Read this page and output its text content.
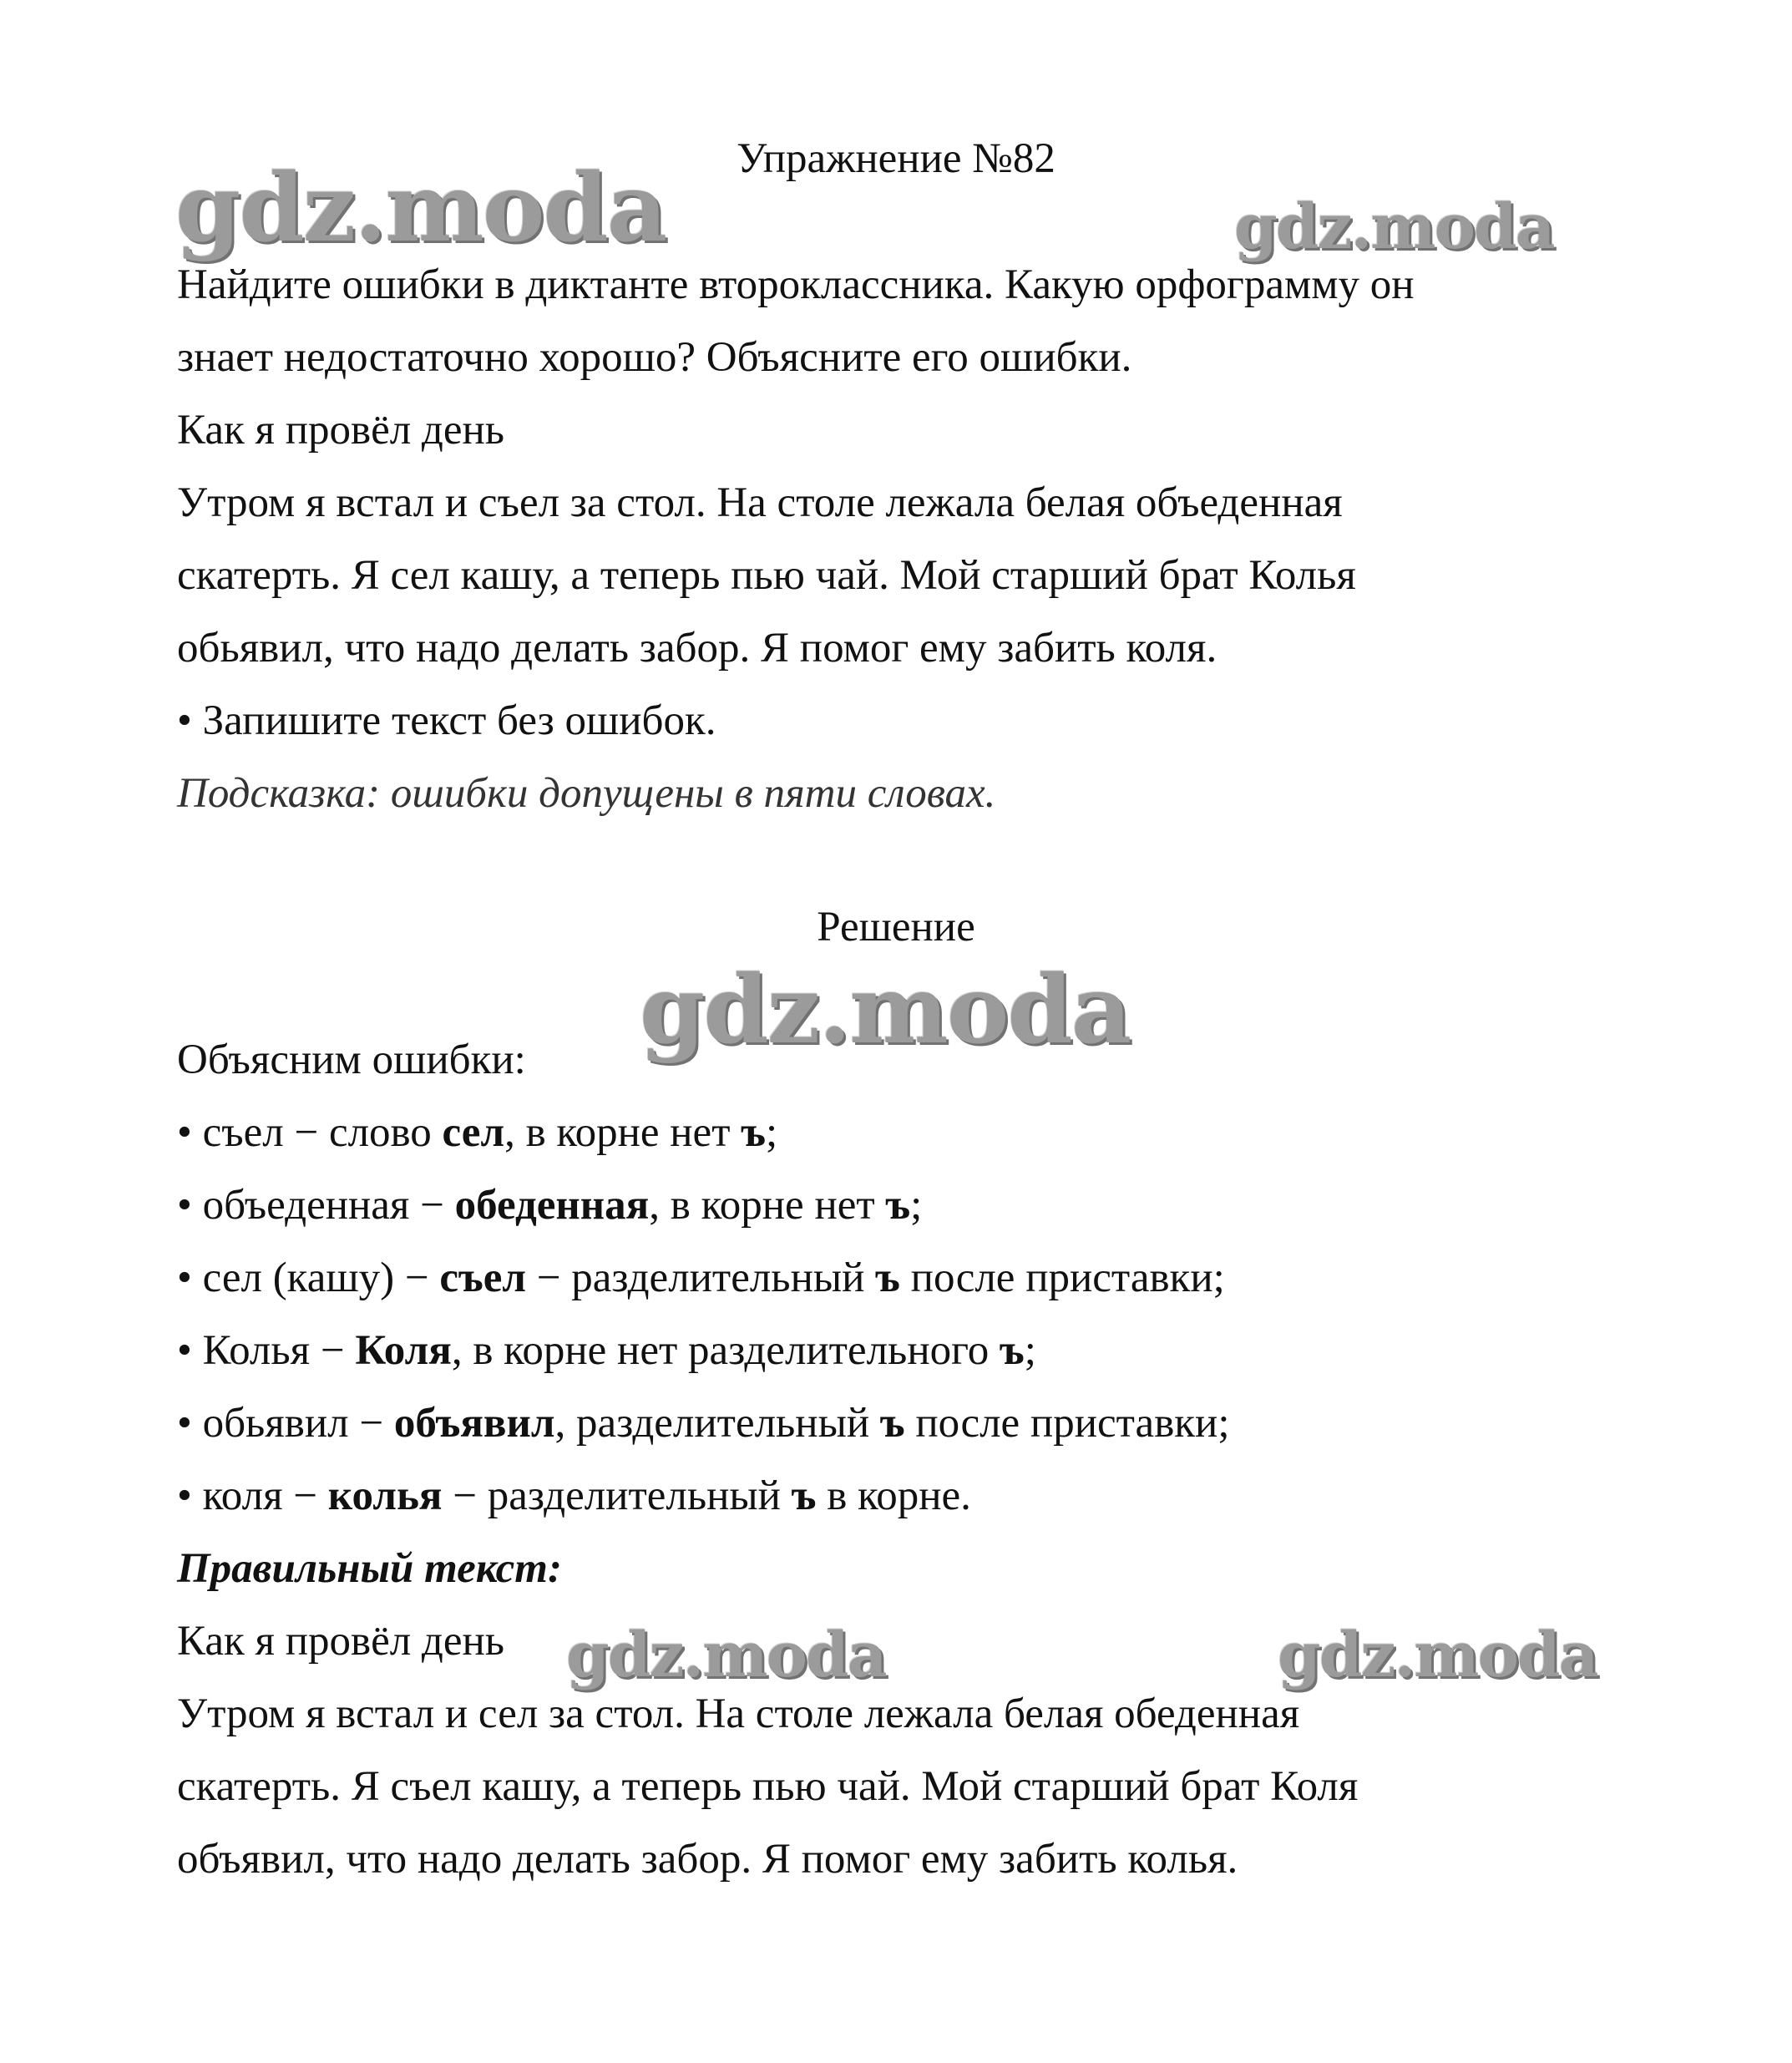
gdz.moda	gdz.moda
gdz.moda
gdz.moda	gdz.moda
Упражнение №82
Найдите ошибки в диктанте второклассника. Какую орфограмму он
знает недостаточно хорошо? Объясните его ошибки.
Как я провёл день
Утром я встал и съел за стол. На столе лежала белая объеденная
скатерть. Я сел кашу, а теперь пью чай. Мой старший брат Колья
обьявил, что надо делать забор. Я помог ему забить коля.
• Запишите текст без ошибок.
Подсказка: ошибки допущены в пяти словах.
Решение
Объясним ошибки:
• съел − слово сел, в корне нет ъ;
• объеденная − обеденная, в корне нет ъ;
• сел (кашу) − съел − разделительный ъ после приставки;
• Колья − Коля, в корне нет разделительного ъ;
• обьявил − объявил, разделительный ъ после приставки;
• коля − колья − разделительный ъ в корне.
Правильный текст:
Как я провёл день
Утром я встал и сел за стол. На столе лежала белая обеденная
скатерть. Я съел кашу, а теперь пью чай. Мой старший брат Коля
объявил, что надо делать забор. Я помог ему забить колья.
